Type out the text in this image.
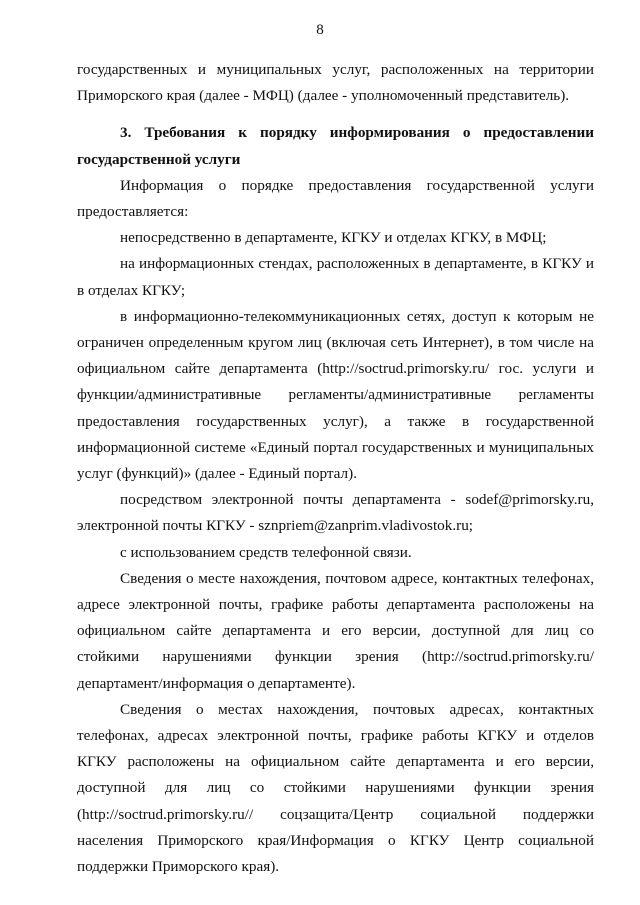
8

государственных и муниципальных услуг, расположенных на территории Приморского края (далее - МФЦ) (далее - уполномоченный представитель).

3. Требования к порядку информирования о предоставлении государственной услуги

Информация о порядке предоставления государственной услуги предоставляется:

непосредственно в департаменте, КГКУ и отделах КГКУ, в МФЦ;

на информационных стендах, расположенных в департаменте, в КГКУ и в отделах КГКУ;

в информационно-телекоммуникационных сетях, доступ к которым не ограничен определенным кругом лиц (включая сеть Интернет), в том числе на официальном сайте департамента (http://soctrud.primorsky.ru/ гос. услуги и функции/административные регламенты/административные регламенты предоставления государственных услуг), а также в государственной информационной системе «Единый портал государственных и муниципальных услуг (функций)» (далее - Единый портал).

посредством электронной почты департамента - sodef@primorsky.ru, электронной почты КГКУ - sznpriem@zanprim.vladivostok.ru;

с использованием средств телефонной связи.

Сведения о месте нахождения, почтовом адресе, контактных телефонах, адресе электронной почты, графике работы департамента расположены на официальном сайте департамента и его версии, доступной для лиц со стойкими нарушениями функции зрения (http://soctrud.primorsky.ru/ департамент/информация о департаменте).

Сведения о местах нахождения, почтовых адресах, контактных телефонах, адресах электронной почты, графике работы КГКУ и отделов КГКУ расположены на официальном сайте департамента и его версии, доступной для лиц со стойкими нарушениями функции зрения (http://soctrud.primorsky.ru// соцзащита/Центр социальной поддержки населения Приморского края/Информация о КГКУ Центр социальной поддержки Приморского края).
